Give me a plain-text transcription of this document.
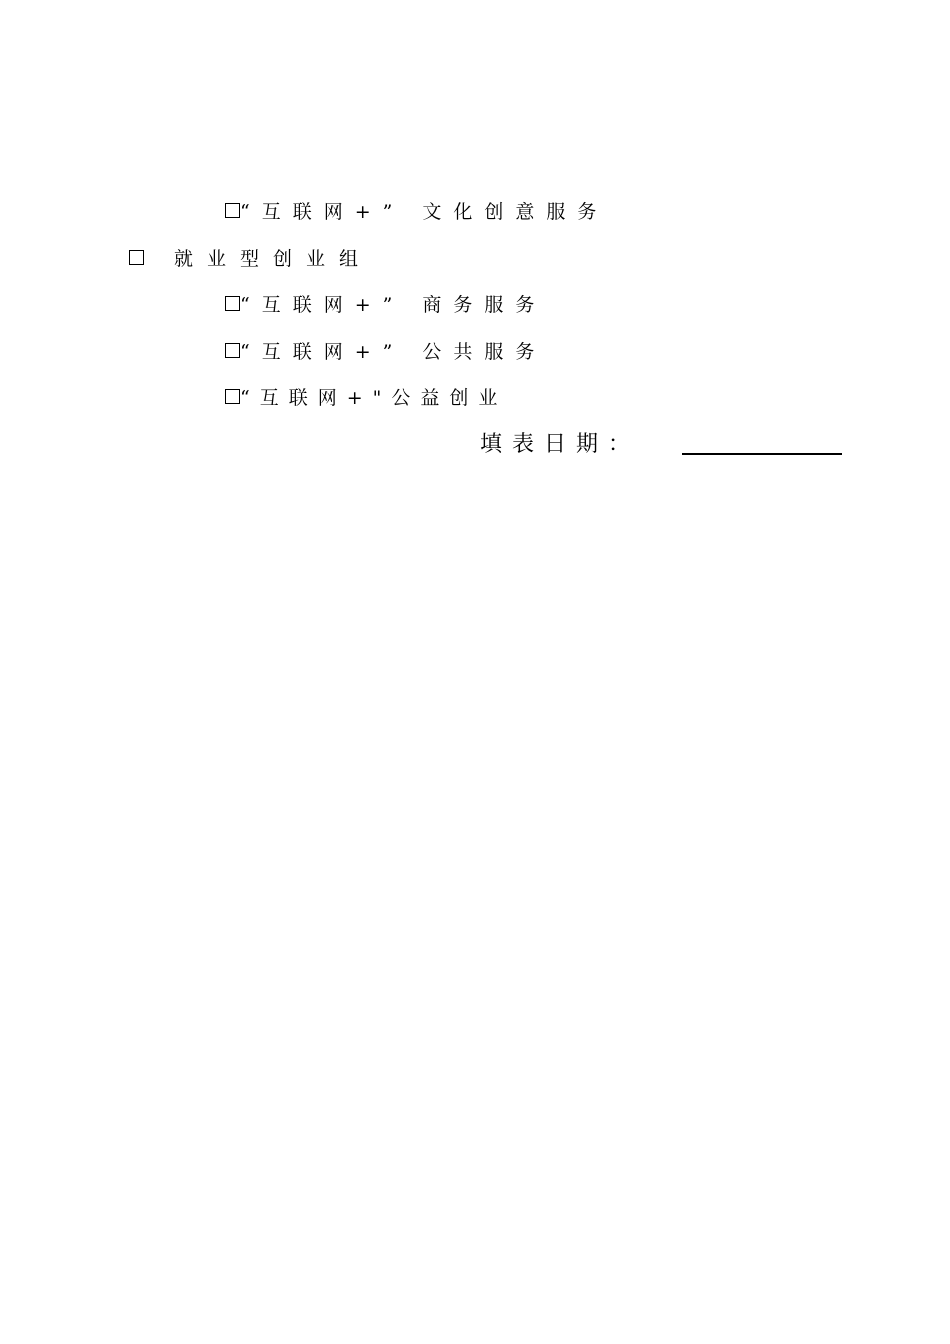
“互联网+” 文化创意服务
就业型创业组
“互联网+” 商务服务
“互联网+” 公共服务
“互联网+"公益创业
填表日期：
